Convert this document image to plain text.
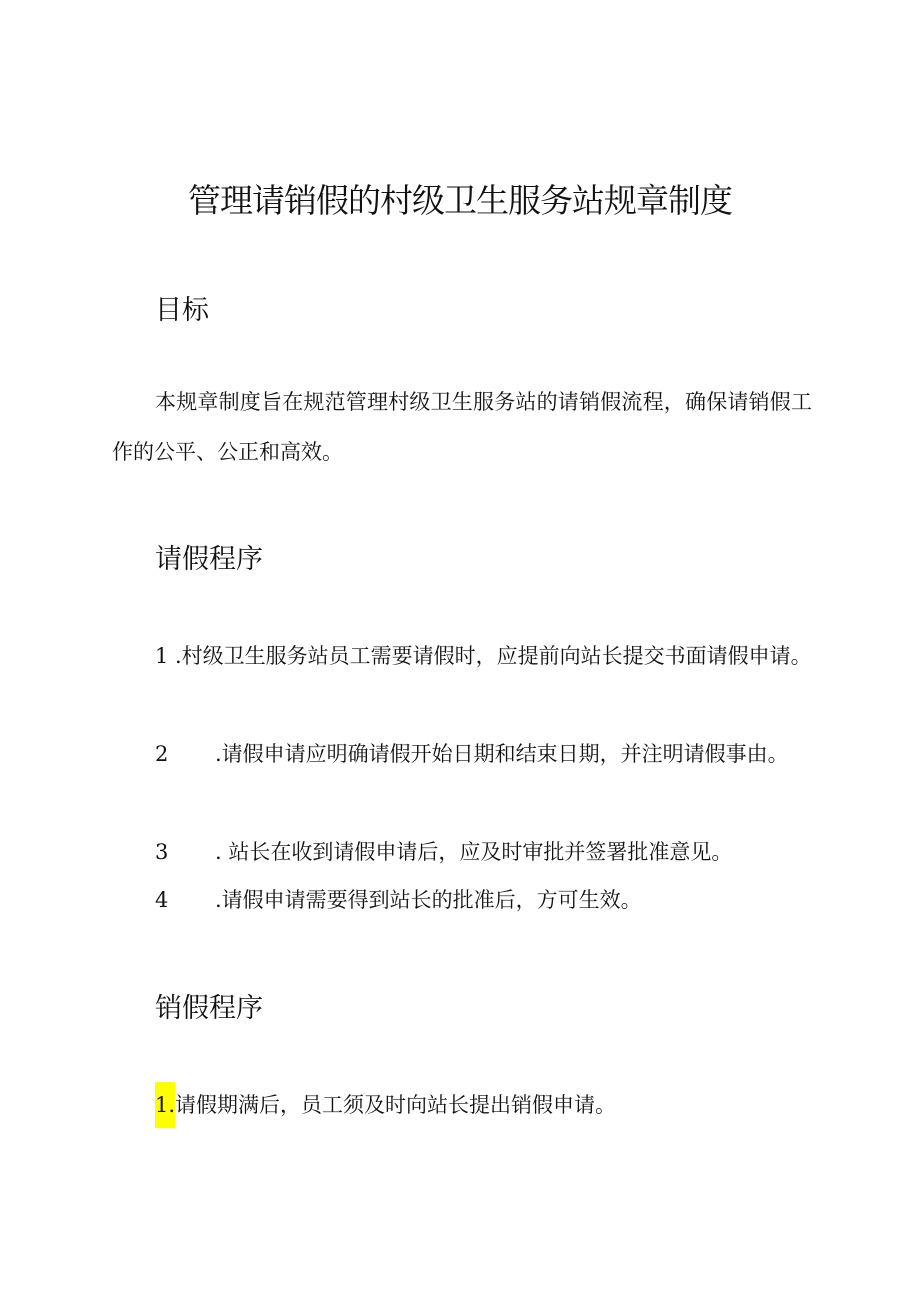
管理请销假的村级卫生服务站规章制度
目标
本规章制度旨在规范管理村级卫生服务站的请销假流程，确保请销假工作的公平、公正和高效。
请假程序
1 .村级卫生服务站员工需要请假时，应提前向站长提交书面请假申请。
2 .请假申请应明确请假开始日期和结束日期，并注明请假事由。
3 . 站长在收到请假申请后，应及时审批并签署批准意见。
4 .请假申请需要得到站长的批准后，方可生效。
销假程序
1.请假期满后，员工须及时向站长提出销假申请。
